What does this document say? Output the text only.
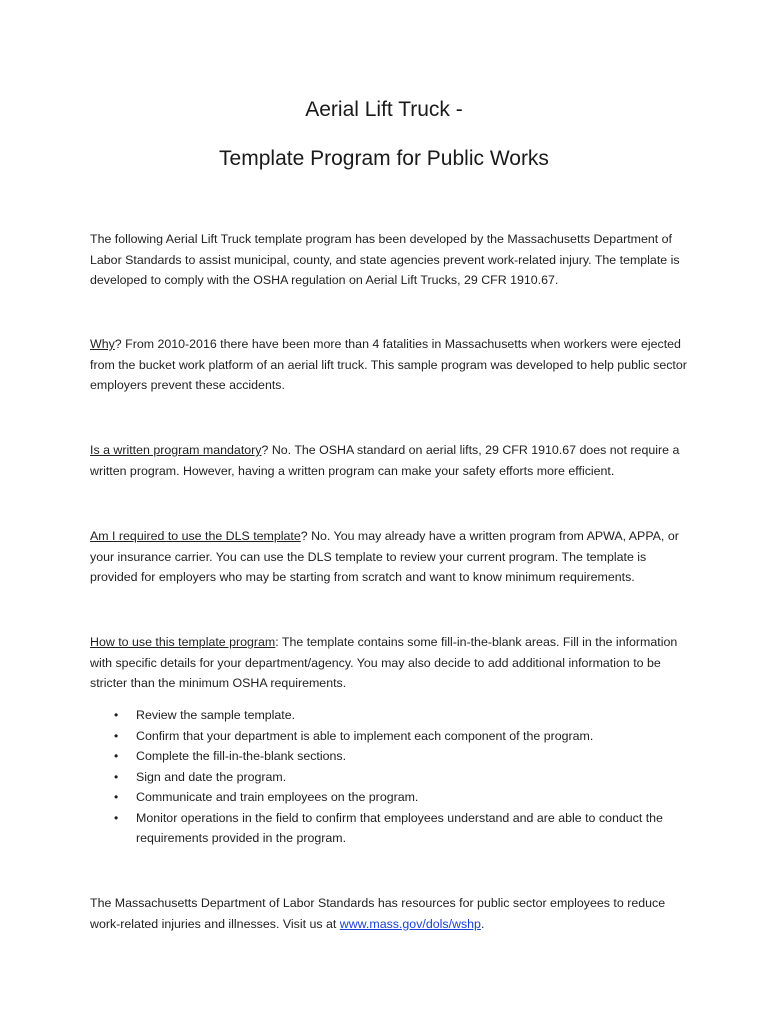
Aerial Lift Truck -
Template Program for Public Works

The following Aerial Lift Truck template program has been developed by the Massachusetts Department of Labor Standards to assist municipal, county, and state agencies prevent work-related injury. The template is developed to comply with the OSHA regulation on Aerial Lift Trucks, 29 CFR 1910.67.

Why? From 2010-2016 there have been more than 4 fatalities in Massachusetts when workers were ejected from the bucket work platform of an aerial lift truck. This sample program was developed to help public sector employers prevent these accidents.

Is a written program mandatory? No. The OSHA standard on aerial lifts, 29 CFR 1910.67 does not require a written program. However, having a written program can make your safety efforts more efficient.

Am I required to use the DLS template? No. You may already have a written program from APWA, APPA, or your insurance carrier. You can use the DLS template to review your current program. The template is provided for employers who may be starting from scratch and want to know minimum requirements.

How to use this template program: The template contains some fill-in-the-blank areas. Fill in the information with specific details for your department/agency. You may also decide to add additional information to be stricter than the minimum OSHA requirements.

• Review the sample template.
• Confirm that your department is able to implement each component of the program.
• Complete the fill-in-the-blank sections.
• Sign and date the program.
• Communicate and train employees on the program.
• Monitor operations in the field to confirm that employees understand and are able to conduct the requirements provided in the program.

The Massachusetts Department of Labor Standards has resources for public sector employees to reduce work-related injuries and illnesses. Visit us at www.mass.gov/dols/wshp.
